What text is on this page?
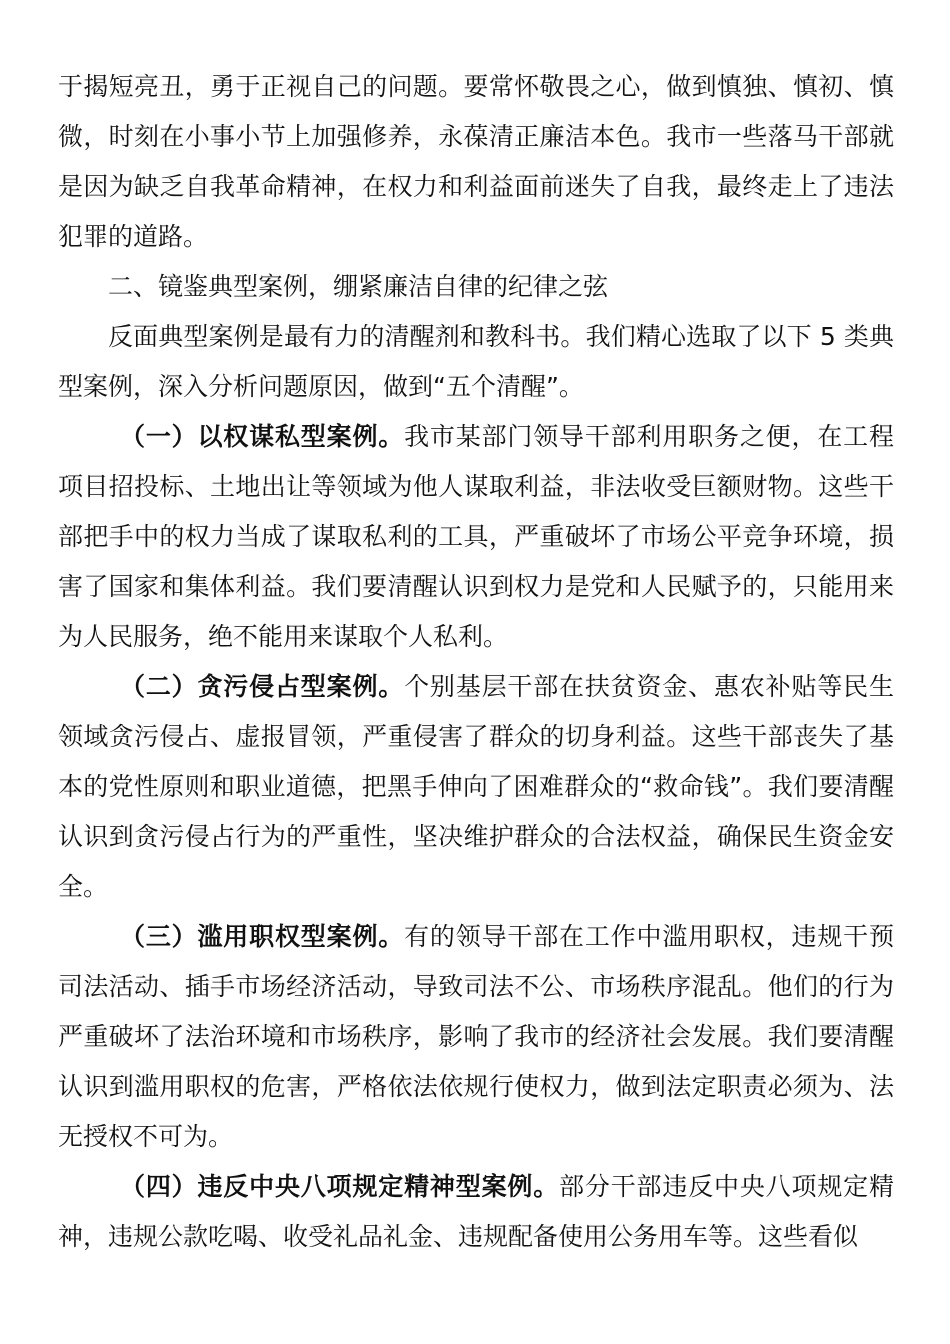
于揭短亮丑，勇于正视自己的问题。要常怀敬畏之心，做到慎独、慎初、慎微，时刻在小事小节上加强修养，永葆清正廉洁本色。我市一些落马干部就是因为缺乏自我革命精神，在权力和利益面前迷失了自我，最终走上了违法犯罪的道路。

二、镜鉴典型案例，绷紧廉洁自律的纪律之弦

反面典型案例是最有力的清醒剂和教科书。我们精心选取了以下 5 类典型案例，深入分析问题原因，做到“五个清醒”。

（一）以权谋私型案例。我市某部门领导干部利用职务之便，在工程项目招投标、土地出让等领域为他人谋取利益，非法收受巨额财物。这些干部把手中的权力当成了谋取私利的工具，严重破坏了市场公平竞争环境，损害了国家和集体利益。我们要清醒认识到权力是党和人民赋予的，只能用来为人民服务，绝不能用来谋取个人私利。

（二）贪污侵占型案例。个别基层干部在扶贫资金、惠农补贴等民生领域贪污侵占、虚报冒领，严重侵害了群众的切身利益。这些干部丧失了基本的党性原则和职业道德，把黑手伸向了困难群众的“救命钱”。我们要清醒认识到贪污侵占行为的严重性，坚决维护群众的合法权益，确保民生资金安全。

（三）滥用职权型案例。有的领导干部在工作中滥用职权，违规干预司法活动、插手市场经济活动，导致司法不公、市场秩序混乱。他们的行为严重破坏了法治环境和市场秩序，影响了我市的经济社会发展。我们要清醒认识到滥用职权的危害，严格依法依规行使权力，做到法定职责必须为、法无授权不可为。

（四）违反中央八项规定精神型案例。部分干部违反中央八项规定精神，违规公款吃喝、收受礼品礼金、违规配备使用公务用车等。这些看似
